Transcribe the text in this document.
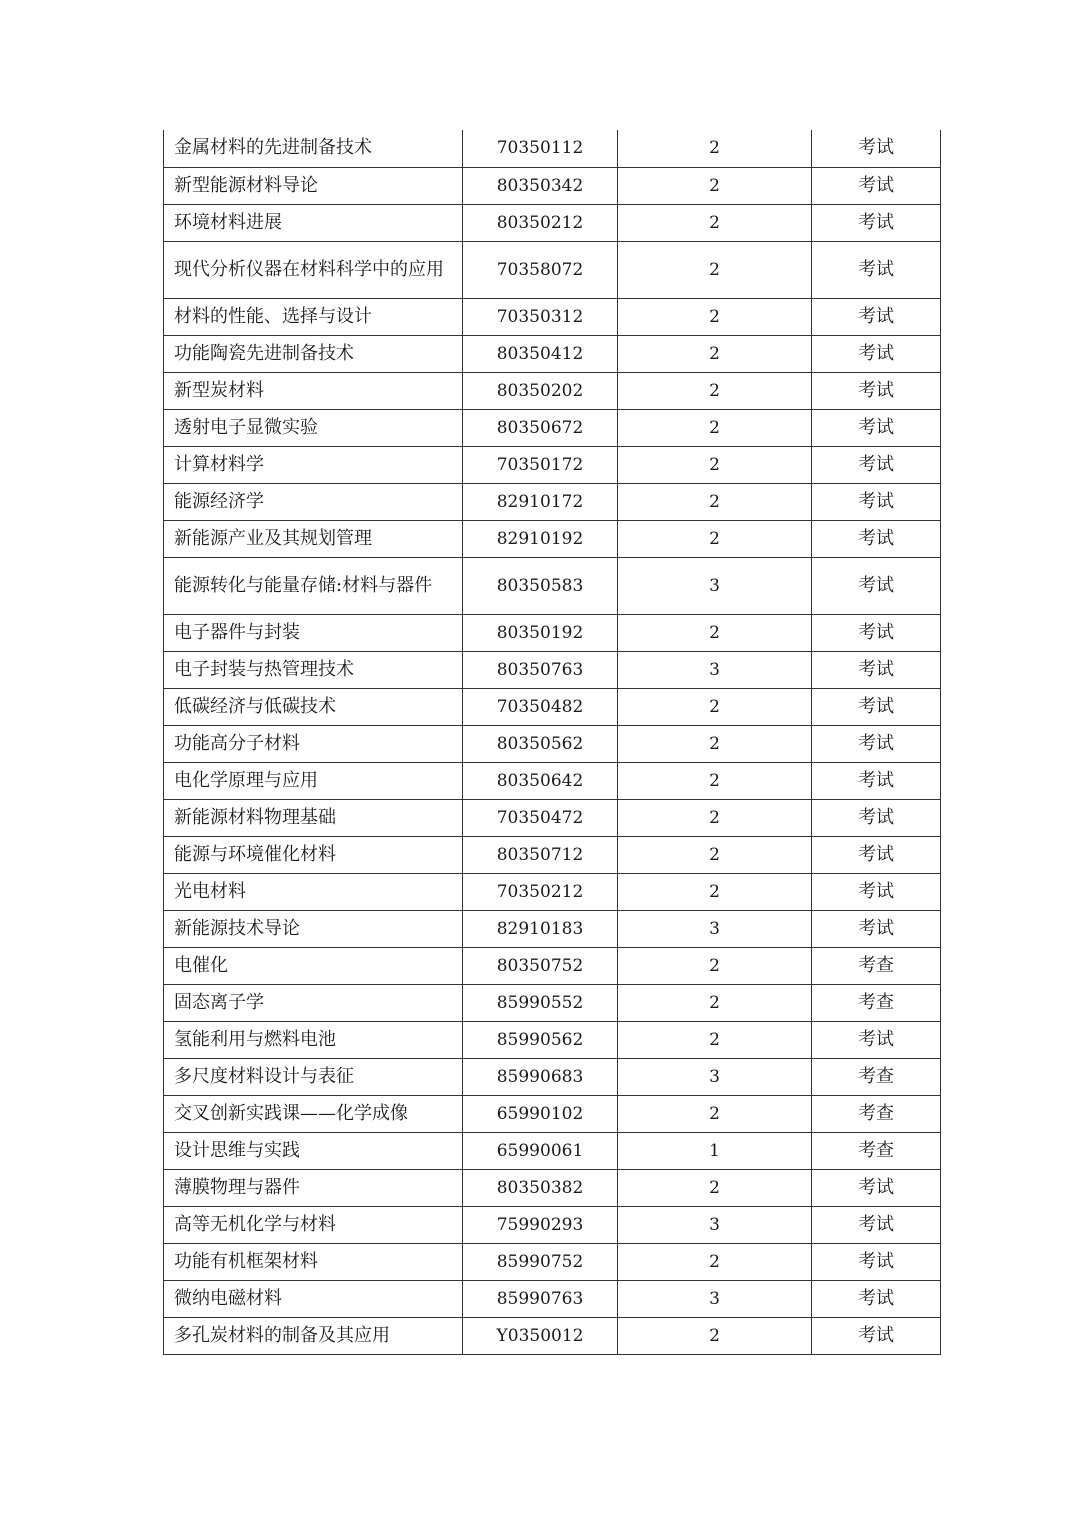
金属材料的先进制备技术	70350112	2	考试
新型能源材料导论	80350342	2	考试
环境材料进展	80350212	2	考试
现代分析仪器在材料科学中的应用	70358072	2	考试
材料的性能、选择与设计	70350312	2	考试
功能陶瓷先进制备技术	80350412	2	考试
新型炭材料	80350202	2	考试
透射电子显微实验	80350672	2	考试
计算材料学	70350172	2	考试
能源经济学	82910172	2	考试
新能源产业及其规划管理	82910192	2	考试
能源转化与能量存储:材料与器件	80350583	3	考试
电子器件与封装	80350192	2	考试
电子封装与热管理技术	80350763	3	考试
低碳经济与低碳技术	70350482	2	考试
功能高分子材料	80350562	2	考试
电化学原理与应用	80350642	2	考试
新能源材料物理基础	70350472	2	考试
能源与环境催化材料	80350712	2	考试
光电材料	70350212	2	考试
新能源技术导论	82910183	3	考试
电催化	80350752	2	考查
固态离子学	85990552	2	考查
氢能利用与燃料电池	85990562	2	考试
多尺度材料设计与表征	85990683	3	考查
交叉创新实践课——化学成像	65990102	2	考查
设计思维与实践	65990061	1	考查
薄膜物理与器件	80350382	2	考试
高等无机化学与材料	75990293	3	考试
功能有机框架材料	85990752	2	考试
微纳电磁材料	85990763	3	考试
多孔炭材料的制备及其应用	Y0350012	2	考试
